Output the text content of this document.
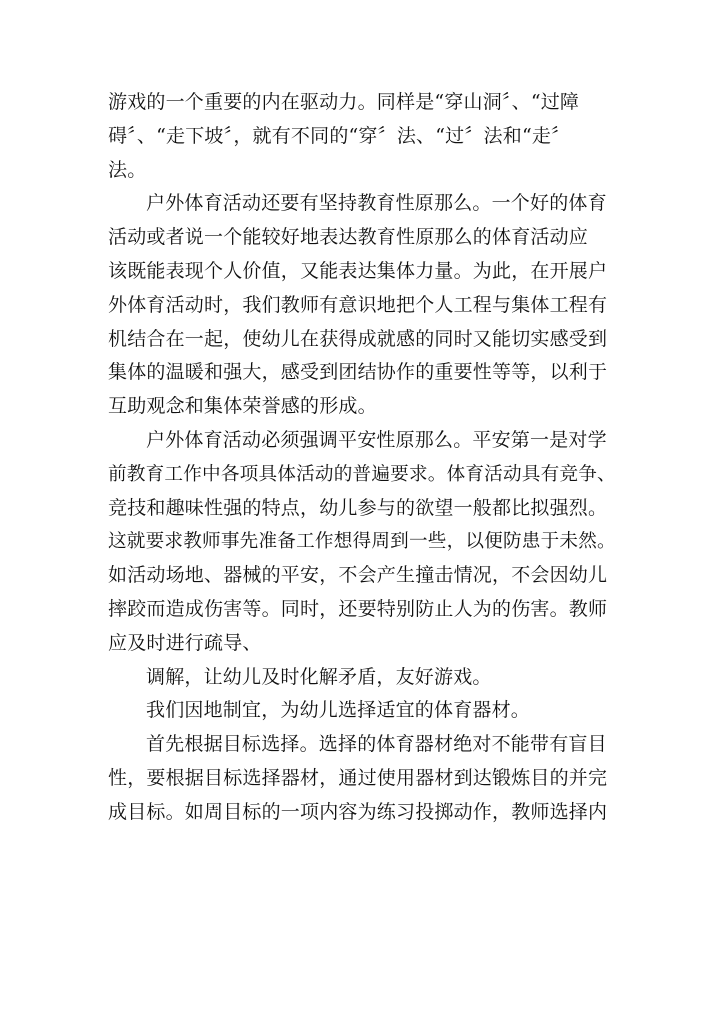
游戏的一个重要的内在驱动力。同样是“穿山洞〞、“过障
碍〞、“走下坡〞，就有不同的“穿〞法、“过〞法和“走〞
法。
户外体育活动还要有坚持教育性原那么。一个好的体育
活动或者说一个能较好地表达教育性原那么的体育活动应
该既能表现个人价值，又能表达集体力量。为此，在开展户
外体育活动时，我们教师有意识地把个人工程与集体工程有
机结合在一起，使幼儿在获得成就感的同时又能切实感受到
集体的温暖和强大，感受到团结协作的重要性等等，以利于
互助观念和集体荣誉感的形成。
户外体育活动必须强调平安性原那么。平安第一是对学
前教育工作中各项具体活动的普遍要求。体育活动具有竞争、
竞技和趣味性强的特点，幼儿参与的欲望一般都比拟强烈。
这就要求教师事先准备工作想得周到一些，以便防患于未然。
如活动场地、器械的平安，不会产生撞击情况，不会因幼儿
摔跤而造成伤害等。同时，还要特别防止人为的伤害。教师
应及时进行疏导、
调解，让幼儿及时化解矛盾，友好游戏。
我们因地制宜，为幼儿选择适宜的体育器材。
首先根据目标选择。选择的体育器材绝对不能带有盲目
性，要根据目标选择器材，通过使用器材到达锻炼目的并完
成目标。如周目标的一项内容为练习投掷动作，教师选择内
